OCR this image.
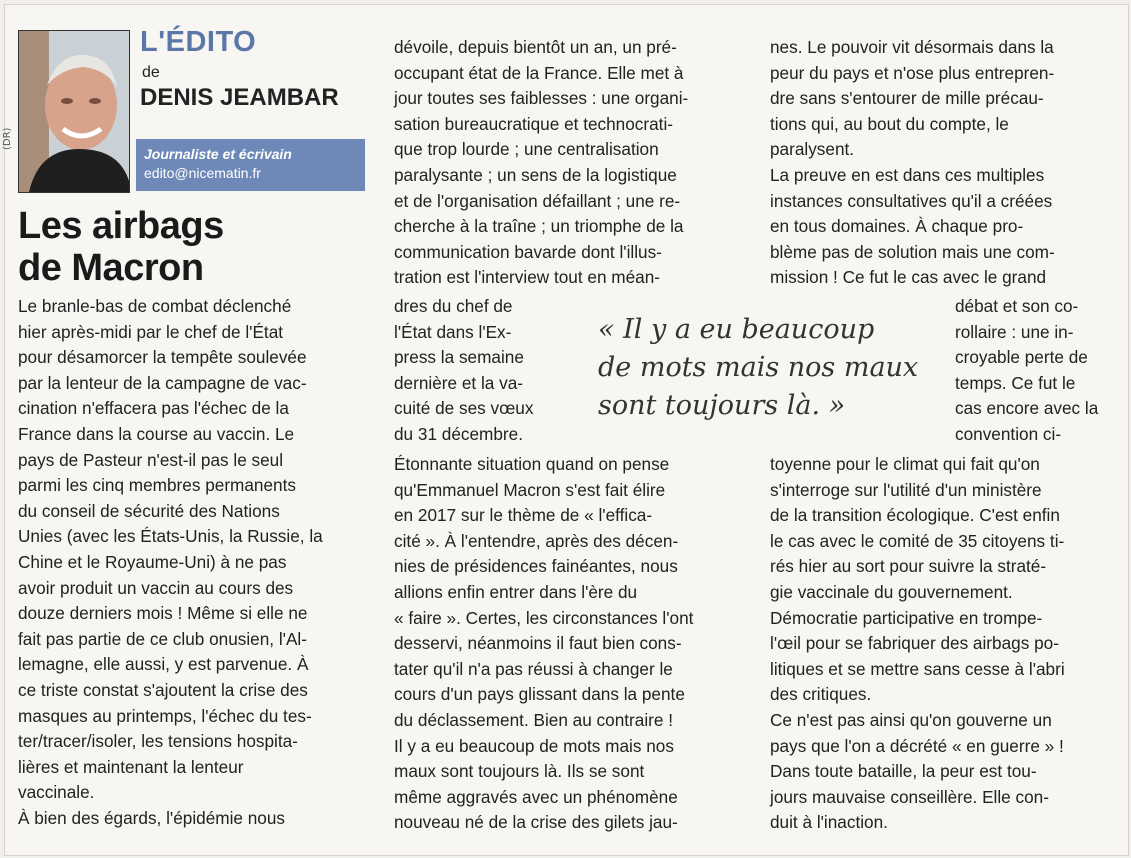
(DR)
L'ÉDITO
de
DENIS JEAMBAR
Journaliste et écrivain
edito@nicematin.fr
Les airbags
de Macron
Le branle-bas de combat déclenché
hier après-midi par le chef de l'État
pour désamorcer la tempête soulevée
par la lenteur de la campagne de vac-
cination n'effacera pas l'échec de la
France dans la course au vaccin. Le
pays de Pasteur n'est-il pas le seul
parmi les cinq membres permanents
du conseil de sécurité des Nations
Unies (avec les États-Unis, la Russie, la
Chine et le Royaume-Uni) à ne pas
avoir produit un vaccin au cours des
douze derniers mois ! Même si elle ne
fait pas partie de ce club onusien, l'Al-
lemagne, elle aussi, y est parvenue. À
ce triste constat s'ajoutent la crise des
masques au printemps, l'échec du tes-
ter/tracer/isoler, les tensions hospita-
lières et maintenant la lenteur
vaccinale.
À bien des égards, l'épidémie nous
dévoile, depuis bientôt un an, un pré-
occupant état de la France. Elle met à
jour toutes ses faiblesses : une organi-
sation bureaucratique et technocrati-
que trop lourde ; une centralisation
paralysante ; un sens de la logistique
et de l'organisation défaillant ; une re-
cherche à la traîne ; un triomphe de la
communication bavarde dont l'illus-
tration est l'interview tout en méan-
dres du chef de
l'État dans l'Ex-
press la semaine
dernière et la va-
cuité de ses vœux
du 31 décembre.
Étonnante situation quand on pense
qu'Emmanuel Macron s'est fait élire
en 2017 sur le thème de « l'effica-
cité ». À l'entendre, après des décen-
nies de présidences fainéantes, nous
allions enfin entrer dans l'ère du
« faire ». Certes, les circonstances l'ont
desservi, néanmoins il faut bien cons-
tater qu'il n'a pas réussi à changer le
cours d'un pays glissant dans la pente
du déclassement. Bien au contraire !
Il y a eu beaucoup de mots mais nos
maux sont toujours là. Ils se sont
même aggravés avec un phénomène
nouveau né de la crise des gilets jau-
nes. Le pouvoir vit désormais dans la
peur du pays et n'ose plus entrepren-
dre sans s'entourer de mille précau-
tions qui, au bout du compte, le
paralysent.
La preuve en est dans ces multiples
instances consultatives qu'il a créées
en tous domaines. À chaque pro-
blème pas de solution mais une com-
mission ! Ce fut le cas avec le grand
débat et son co-
rollaire : une in-
croyable perte de
temps. Ce fut le
cas encore avec la
convention ci-
toyenne pour le climat qui fait qu'on
s'interroge sur l'utilité d'un ministère
de la transition écologique. C'est enfin
le cas avec le comité de 35 citoyens ti-
rés hier au sort pour suivre la straté-
gie vaccinale du gouvernement.
Démocratie participative en trompe-
l'œil pour se fabriquer des airbags po-
litiques et se mettre sans cesse à l'abri
des critiques.
Ce n'est pas ainsi qu'on gouverne un
pays que l'on a décrété « en guerre » !
Dans toute bataille, la peur est tou-
jours mauvaise conseillère. Elle con-
duit à l'inaction.
« Il y a eu beaucoup
de mots mais nos maux
sont toujours là. »
